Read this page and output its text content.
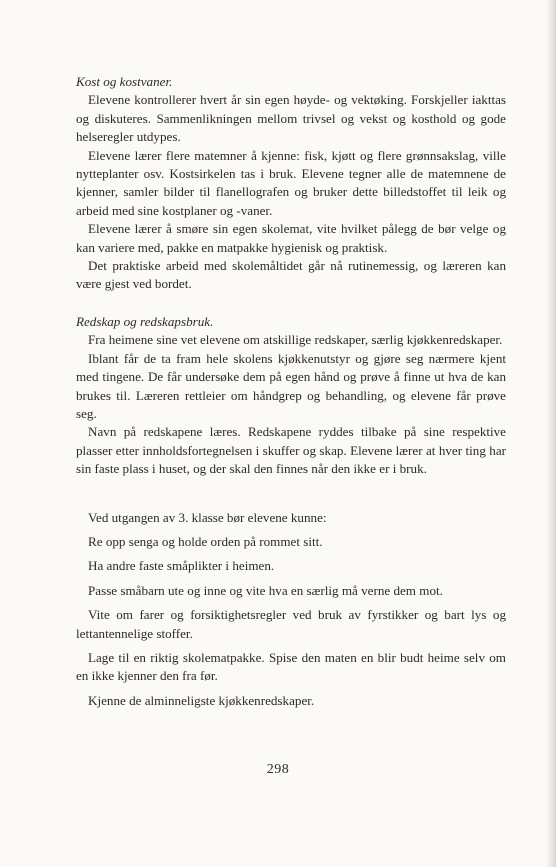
Kost og kostvaner.

Elevene kontrollerer hvert år sin egen høyde- og vektøking. Forskjeller iakttas og diskuteres. Sammenlikningen mellom trivsel og vekst og kosthold og gode helseregler utdypes.

Elevene lærer flere matemner å kjenne: fisk, kjøtt og flere grønnsakslag, ville nytteplanter osv. Kostsirkelen tas i bruk. Elevene tegner alle de matemnene de kjenner, samler bilder til flanellografen og bruker dette billedstoffet til leik og arbeid med sine kostplaner og -vaner.

Elevene lærer å smøre sin egen skolemat, vite hvilket pålegg de bør velge og kan variere med, pakke en matpakke hygienisk og praktisk.

Det praktiske arbeid med skolemåltidet går nå rutinemessig, og læreren kan være gjest ved bordet.

Redskap og redskapsbruk.

Fra heimene sine vet elevene om atskillige redskaper, særlig kjøkkenredskaper.

Iblant får de ta fram hele skolens kjøkkenutstyr og gjøre seg nærmere kjent med tingene. De får undersøke dem på egen hånd og prøve å finne ut hva de kan brukes til. Læreren rettleier om håndgrep og behandling, og elevene får prøve seg.

Navn på redskapene læres. Redskapene ryddes tilbake på sine respektive plasser etter innholdsfortegnelsen i skuffer og skap. Elevene lærer at hver ting har sin faste plass i huset, og der skal den finnes når den ikke er i bruk.

Ved utgangen av 3. klasse bør elevene kunne:

Re opp senga og holde orden på rommet sitt.

Ha andre faste småplikter i heimen.

Passe småbarn ute og inne og vite hva en særlig må verne dem mot.

Vite om farer og forsiktighetsregler ved bruk av fyrstikker og bart lys og lettantennelige stoffer.

Lage til en riktig skolematpakke. Spise den maten en blir budt heime selv om en ikke kjenner den fra før.

Kjenne de alminneligste kjøkkenredskaper.

298
